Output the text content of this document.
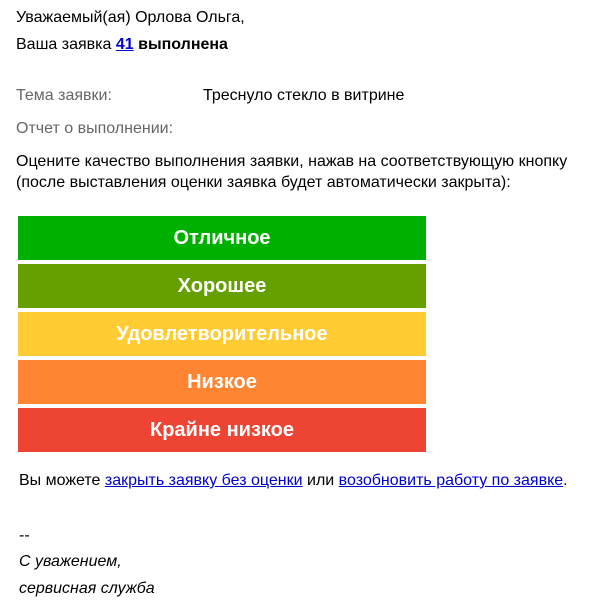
Уважаемый(ая) Орлова Ольга,
Ваша заявка 41 выполнена
Тема заявки:	Треснуло стекло в витрине
Отчет о выполнении:
Оцените качество выполнения заявки, нажав на соответствующую кнопку
(после выставления оценки заявка будет автоматически закрыта):
Отличное
Хорошее
Удовлетворительное
Низкое
Крайне низкое
Вы можете закрыть заявку без оценки или возобновить работу по заявке.
--
С уважением,
сервисная служба
